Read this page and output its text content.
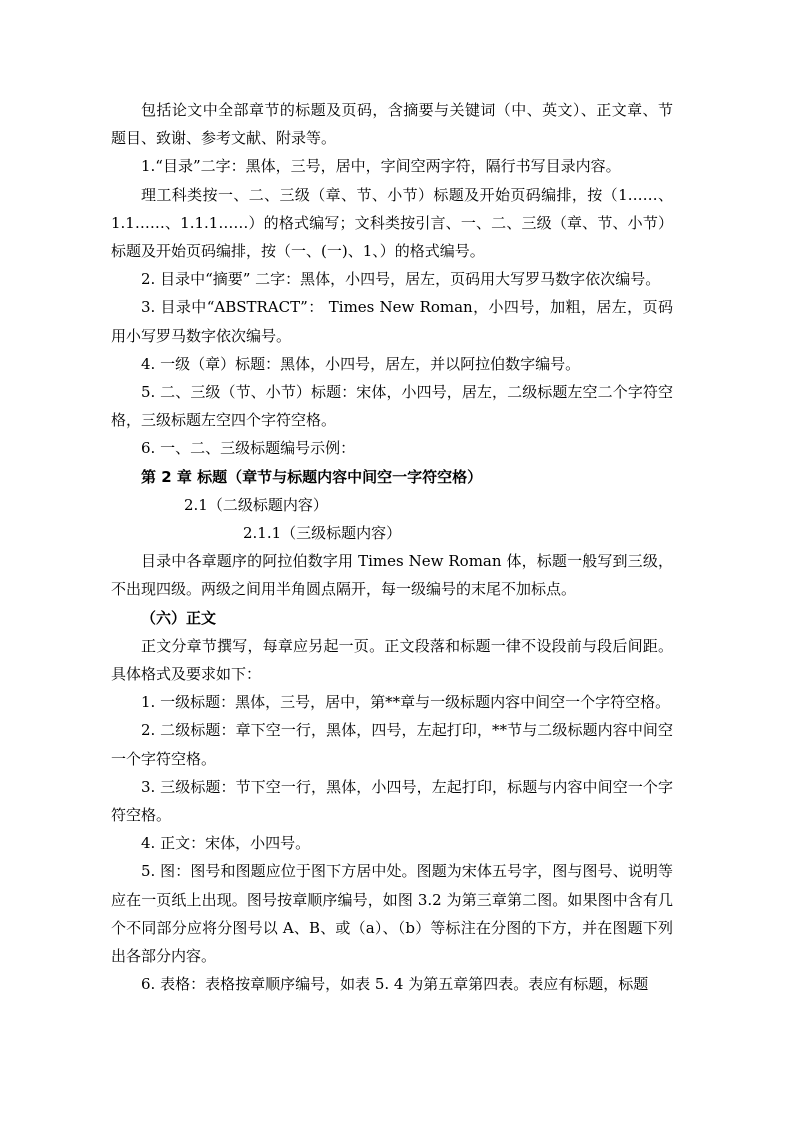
包括论文中全部章节的标题及页码，含摘要与关键词（中、英文）、正文章、节题目、致谢、参考文献、附录等。

1.“目录”二字：黑体，三号，居中，字间空两字符，隔行书写目录内容。

理工科类按一、二、三级（章、节、小节）标题及开始页码编排，按（1……、1.1……、1.1.1……）的格式编写；文科类按引言、一、二、三级（章、节、小节）标题及开始页码编排，按（一、(一)、1、）的格式编号。

2. 目录中“摘要” 二字：黑体，小四号，居左，页码用大写罗马数字依次编号。

3. 目录中“ABSTRACT”： Times New Roman，小四号，加粗，居左，页码用小写罗马数字依次编号。

4. 一级（章）标题：黑体，小四号，居左，并以阿拉伯数字编号。

5. 二、三级（节、小节）标题：宋体，小四号，居左，二级标题左空二个字符空格，三级标题左空四个字符空格。

6. 一、二、三级标题编号示例：

第 2 章 标题（章节与标题内容中间空一字符空格）

2.1（二级标题内容）

2.1.1（三级标题内容）

目录中各章题序的阿拉伯数字用 Times New Roman 体，标题一般写到三级，不出现四级。两级之间用半角圆点隔开，每一级编号的末尾不加标点。

（六）正文

正文分章节撰写，每章应另起一页。正文段落和标题一律不设段前与段后间距。具体格式及要求如下：

1. 一级标题：黑体，三号，居中，第**章与一级标题内容中间空一个字符空格。

2. 二级标题：章下空一行，黑体，四号，左起打印，**节与二级标题内容中间空一个字符空格。

3. 三级标题：节下空一行，黑体，小四号，左起打印，标题与内容中间空一个字符空格。

4. 正文：宋体，小四号。

5. 图：图号和图题应位于图下方居中处。图题为宋体五号字，图与图号、说明等应在一页纸上出现。图号按章顺序编号，如图 3.2 为第三章第二图。如果图中含有几个不同部分应将分图号以 A、B、或（a）、（b）等标注在分图的下方，并在图题下列出各部分内容。

6. 表格：表格按章顺序编号，如表 5. 4 为第五章第四表。表应有标题，标题
